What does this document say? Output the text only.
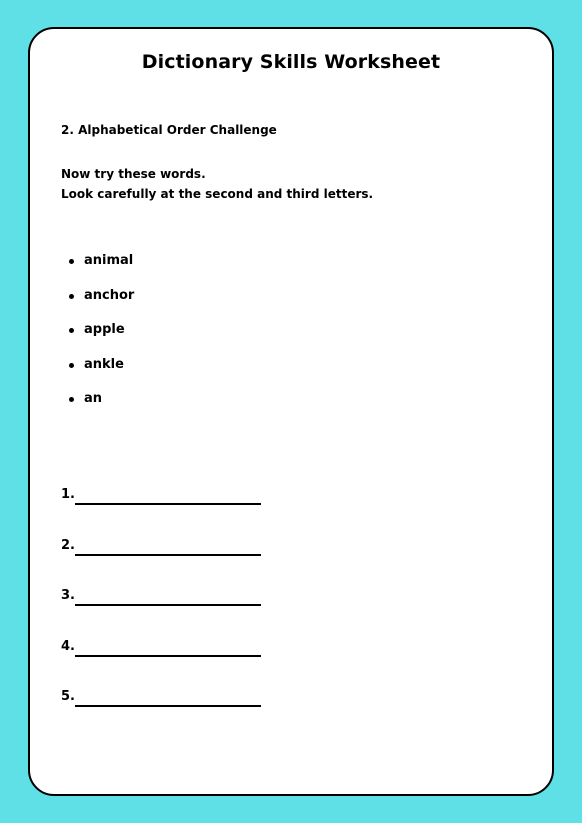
Dictionary Skills Worksheet
2. Alphabetical Order Challenge
Now try these words.
Look carefully at the second and third letters.
animal
anchor
apple
ankle
an
1.
2.
3.
4.
5.
